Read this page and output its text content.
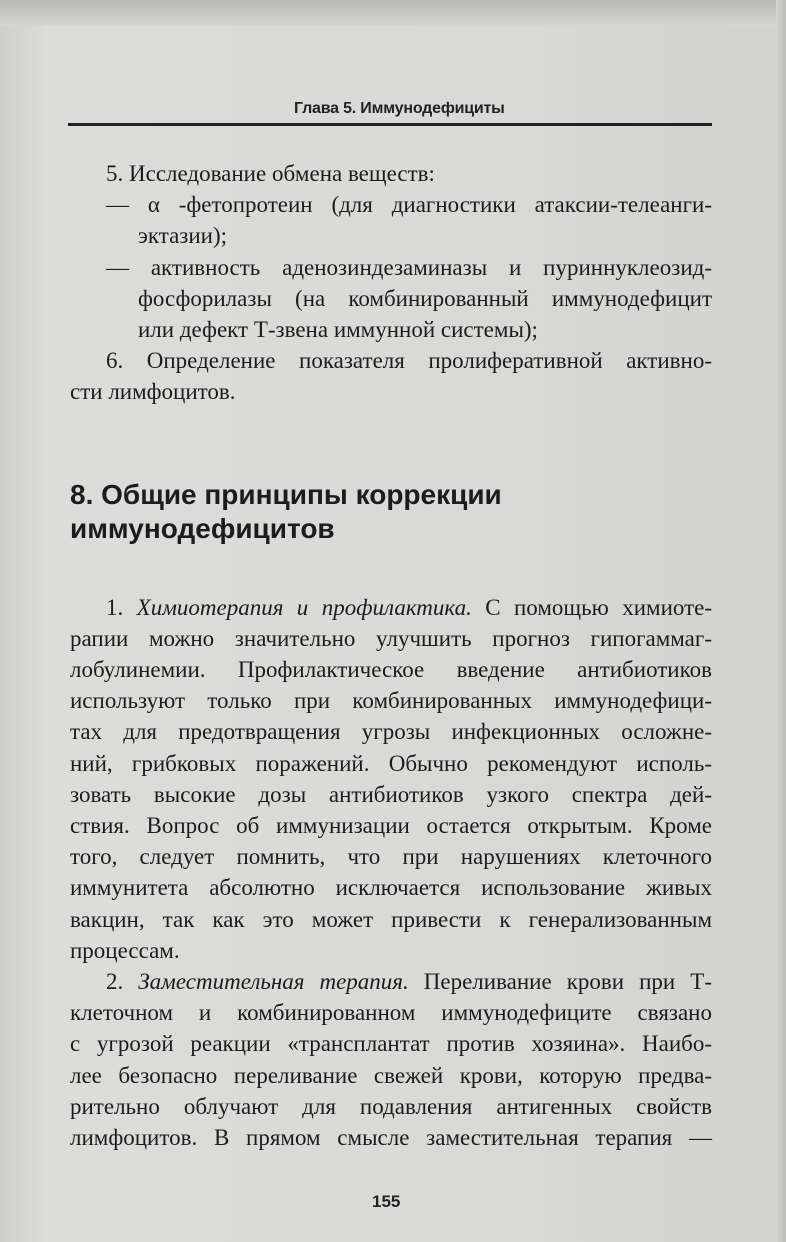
Глава 5. Иммунодефициты
5. Исследование обмена веществ:
— α -фетопротеин (для диагностики атаксии-телеанги-
эктазии);
— активность аденозиндезаминазы и пуриннуклеозид-
фосфорилазы (на комбинированный иммунодефицит
или дефект Т-звена иммунной системы);
6. Определение показателя пролиферативной активно-
сти лимфоцитов.
8. Общие принципы коррекции
иммунодефицитов
1. Химиотерапия и профилактика. С помощью химиоте-
рапии можно значительно улучшить прогноз гипогаммаг-
лобулинемии. Профилактическое введение антибиотиков
используют только при комбинированных иммунодефици-
тах для предотвращения угрозы инфекционных осложне-
ний, грибковых поражений. Обычно рекомендуют исполь-
зовать высокие дозы антибиотиков узкого спектра дей-
ствия. Вопрос об иммунизации остается открытым. Кроме
того, следует помнить, что при нарушениях клеточного
иммунитета абсолютно исключается использование живых
вакцин, так как это может привести к генерализованным
процессам.
2. Заместительная терапия. Переливание крови при Т-
клеточном и комбинированном иммунодефиците связано
с угрозой реакции «трансплантат против хозяина». Наибо-
лее безопасно переливание свежей крови, которую предва-
рительно облучают для подавления антигенных свойств
лимфоцитов. В прямом смысле заместительная терапия —
155
